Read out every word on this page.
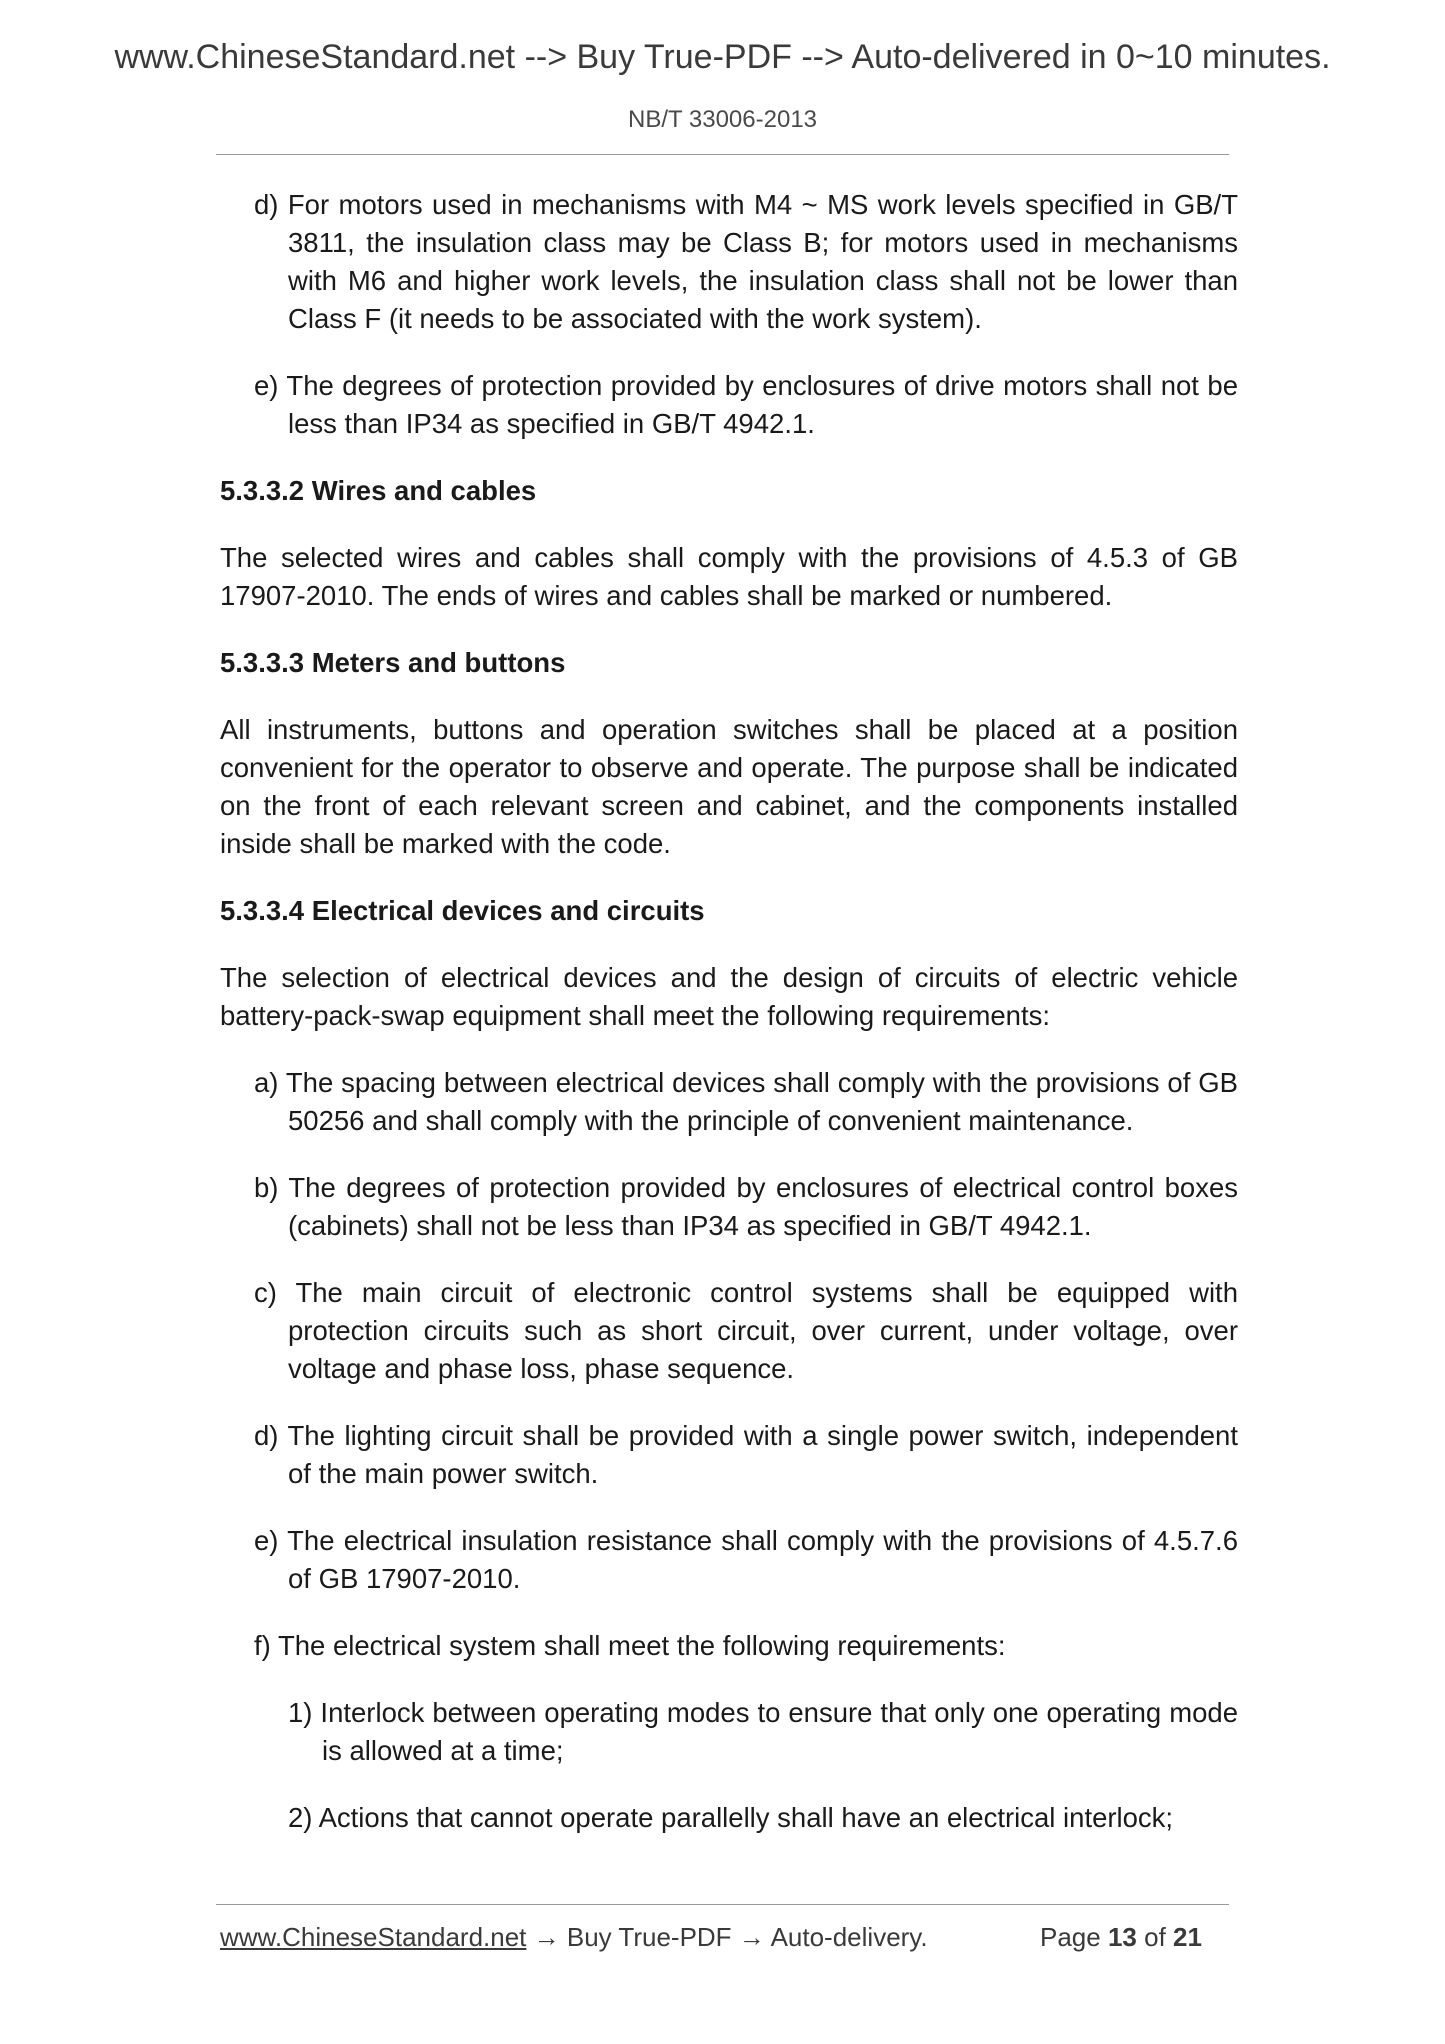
www.ChineseStandard.net --> Buy True-PDF --> Auto-delivered in 0~10 minutes.
NB/T 33006-2013
d) For motors used in mechanisms with M4 ~ MS work levels specified in GB/T 3811, the insulation class may be Class B; for motors used in mechanisms with M6 and higher work levels, the insulation class shall not be lower than Class F (it needs to be associated with the work system).
e) The degrees of protection provided by enclosures of drive motors shall not be less than IP34 as specified in GB/T 4942.1.
5.3.3.2 Wires and cables
The selected wires and cables shall comply with the provisions of 4.5.3 of GB 17907-2010. The ends of wires and cables shall be marked or numbered.
5.3.3.3 Meters and buttons
All instruments, buttons and operation switches shall be placed at a position convenient for the operator to observe and operate. The purpose shall be indicated on the front of each relevant screen and cabinet, and the components installed inside shall be marked with the code.
5.3.3.4 Electrical devices and circuits
The selection of electrical devices and the design of circuits of electric vehicle battery-pack-swap equipment shall meet the following requirements:
a) The spacing between electrical devices shall comply with the provisions of GB 50256 and shall comply with the principle of convenient maintenance.
b) The degrees of protection provided by enclosures of electrical control boxes (cabinets) shall not be less than IP34 as specified in GB/T 4942.1.
c) The main circuit of electronic control systems shall be equipped with protection circuits such as short circuit, over current, under voltage, over voltage and phase loss, phase sequence.
d) The lighting circuit shall be provided with a single power switch, independent of the main power switch.
e) The electrical insulation resistance shall comply with the provisions of 4.5.7.6 of GB 17907-2010.
f) The electrical system shall meet the following requirements:
1) Interlock between operating modes to ensure that only one operating mode is allowed at a time;
2) Actions that cannot operate parallelly shall have an electrical interlock;
www.ChineseStandard.net → Buy True-PDF → Auto-delivery.	Page 13 of 21
